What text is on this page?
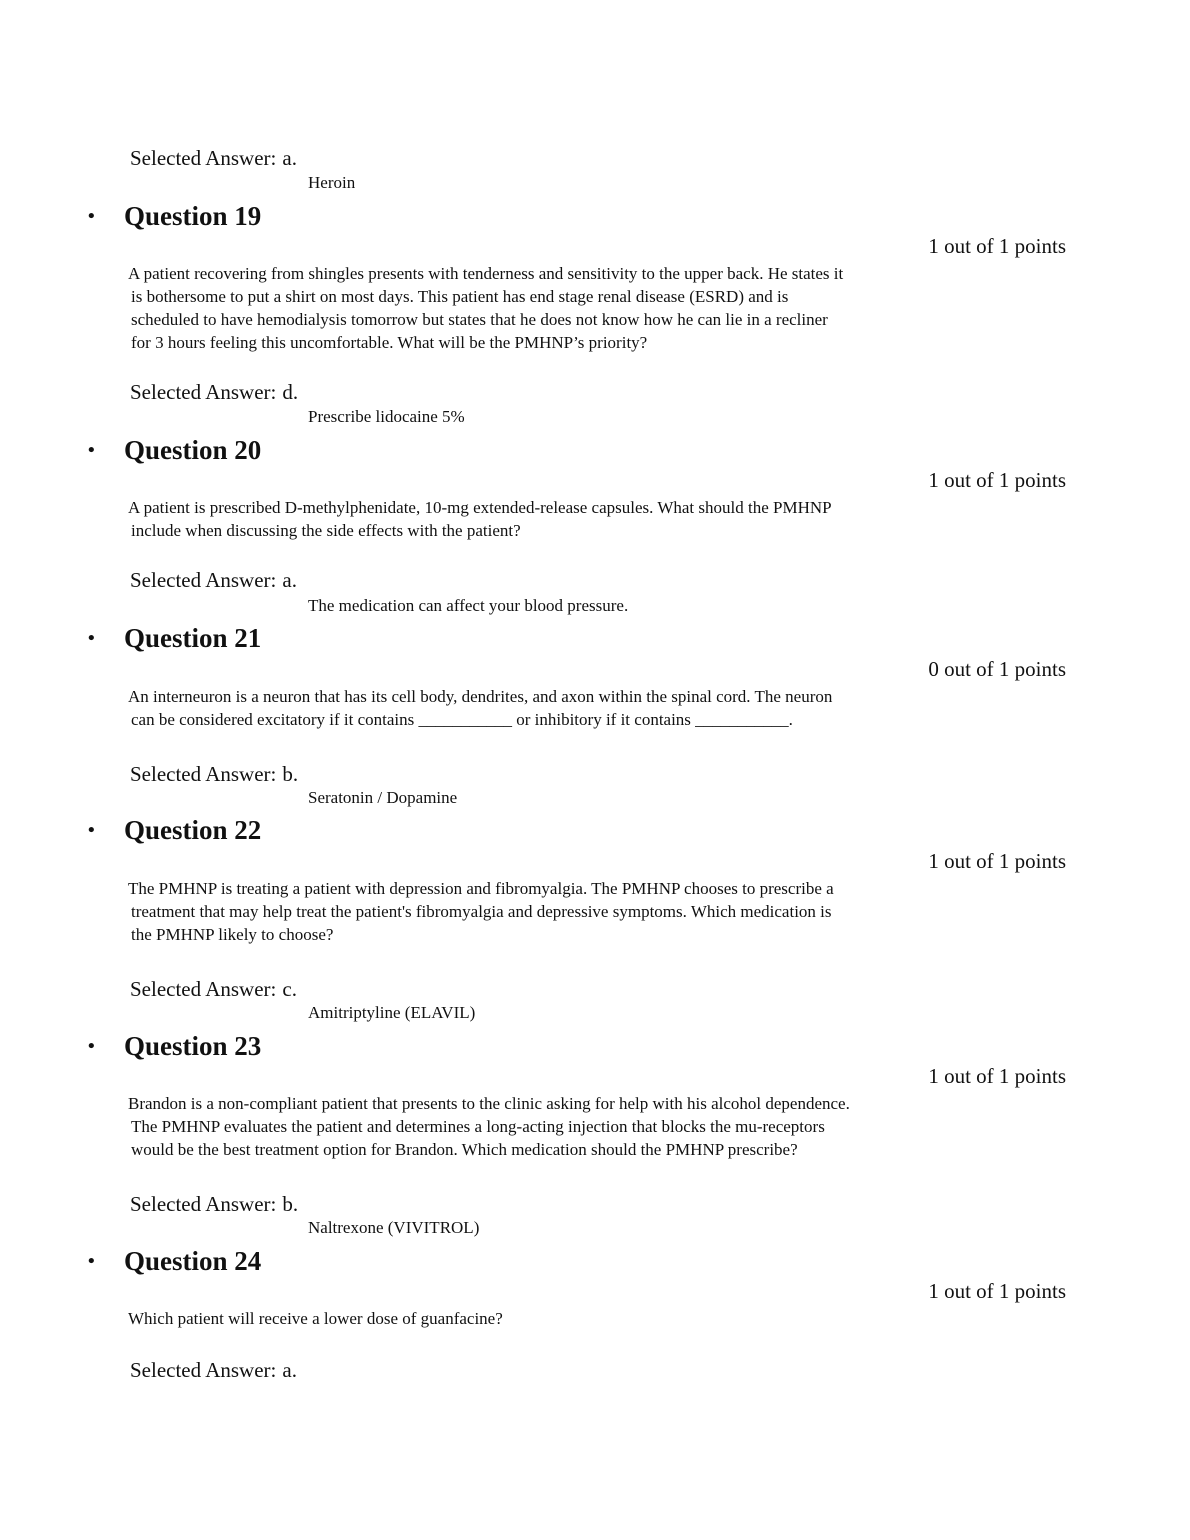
Selected Answer: a.
Heroin
• Question 19
1 out of 1 points
A patient recovering from shingles presents with tenderness and sensitivity to the upper back. He states it
is bothersome to put a shirt on most days. This patient has end stage renal disease (ESRD) and is
scheduled to have hemodialysis tomorrow but states that he does not know how he can lie in a recliner
for 3 hours feeling this uncomfortable. What will be the PMHNP’s priority?
Selected Answer: d.
Prescribe lidocaine 5%
• Question 20
1 out of 1 points
A patient is prescribed D-methylphenidate, 10-mg extended-release capsules. What should the PMHNP
include when discussing the side effects with the patient?
Selected Answer: a.
The medication can affect your blood pressure.
• Question 21
0 out of 1 points
An interneuron is a neuron that has its cell body, dendrites, and axon within the spinal cord. The neuron
can be considered excitatory if it contains ___________ or inhibitory if it contains ___________.
Selected Answer: b.
Seratonin / Dopamine
• Question 22
1 out of 1 points
The PMHNP is treating a patient with depression and fibromyalgia. The PMHNP chooses to prescribe a
treatment that may help treat the patient's fibromyalgia and depressive symptoms. Which medication is
the PMHNP likely to choose?
Selected Answer: c.
Amitriptyline (ELAVIL)
• Question 23
1 out of 1 points
Brandon is a non-compliant patient that presents to the clinic asking for help with his alcohol dependence.
The PMHNP evaluates the patient and determines a long-acting injection that blocks the mu-receptors
would be the best treatment option for Brandon. Which medication should the PMHNP prescribe?
Selected Answer: b.
Naltrexone (VIVITROL)
• Question 24
1 out of 1 points
Which patient will receive a lower dose of guanfacine?
Selected Answer: a.
